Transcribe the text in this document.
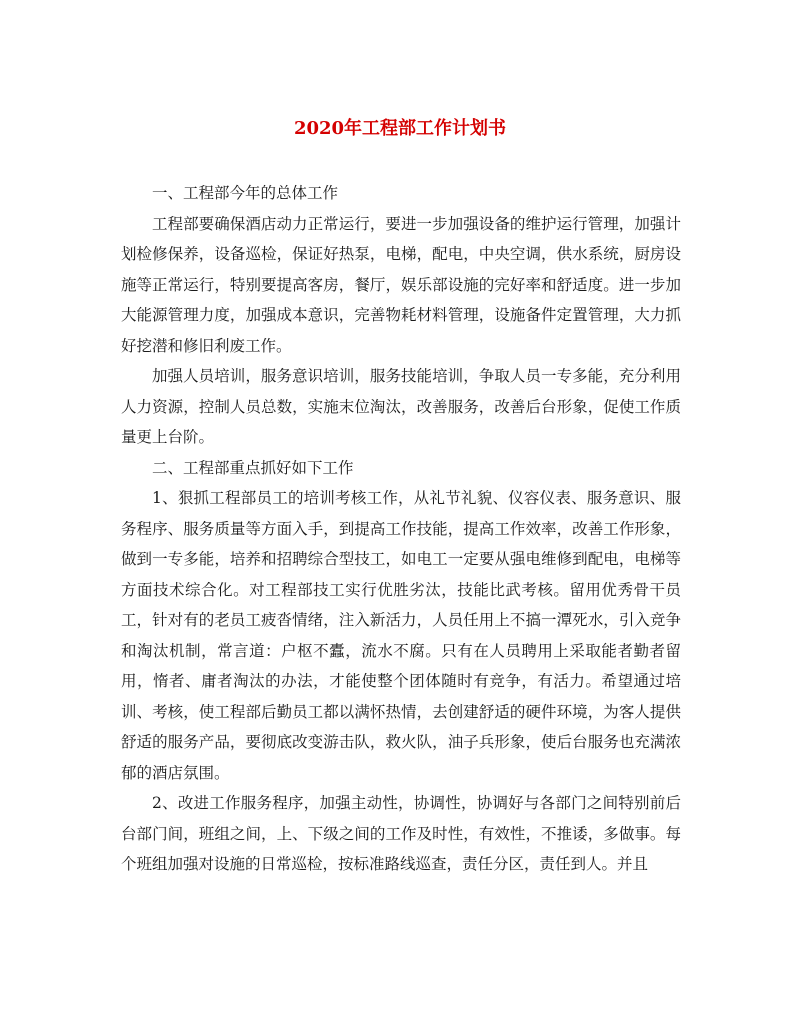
2020年工程部工作计划书

一、工程部今年的总体工作

工程部要确保酒店动力正常运行，要进一步加强设备的维护运行管理，加强计划检修保养，设备巡检，保证好热泵，电梯，配电，中央空调，供水系统，厨房设施等正常运行，特别要提高客房，餐厅，娱乐部设施的完好率和舒适度。进一步加大能源管理力度，加强成本意识，完善物耗材料管理，设施备件定置管理，大力抓好挖潜和修旧利废工作。

加强人员培训，服务意识培训，服务技能培训，争取人员一专多能，充分利用人力资源，控制人员总数，实施末位淘汰，改善服务，改善后台形象，促使工作质量更上台阶。

二、工程部重点抓好如下工作

1、狠抓工程部员工的培训考核工作，从礼节礼貌、仪容仪表、服务意识、服务程序、服务质量等方面入手，到提高工作技能，提高工作效率，改善工作形象，做到一专多能，培养和招聘综合型技工，如电工一定要从强电维修到配电，电梯等方面技术综合化。对工程部技工实行优胜劣汰，技能比武考核。留用优秀骨干员工，针对有的老员工疲沓情绪，注入新活力，人员任用上不搞一潭死水，引入竞争和淘汰机制，常言道：户枢不蠹，流水不腐。只有在人员聘用上采取能者勤者留用，惰者、庸者淘汰的办法，才能使整个团体随时有竞争，有活力。希望通过培训、考核，使工程部后勤员工都以满怀热情，去创建舒适的硬件环境，为客人提供舒适的服务产品，要彻底改变游击队，救火队，油子兵形象，使后台服务也充满浓郁的酒店氛围。

2、改进工作服务程序，加强主动性，协调性，协调好与各部门之间特别前后台部门间，班组之间，上、下级之间的工作及时性，有效性，不推诿，多做事。每个班组加强对设施的日常巡检，按标准路线巡查，责任分区，责任到人。并且
